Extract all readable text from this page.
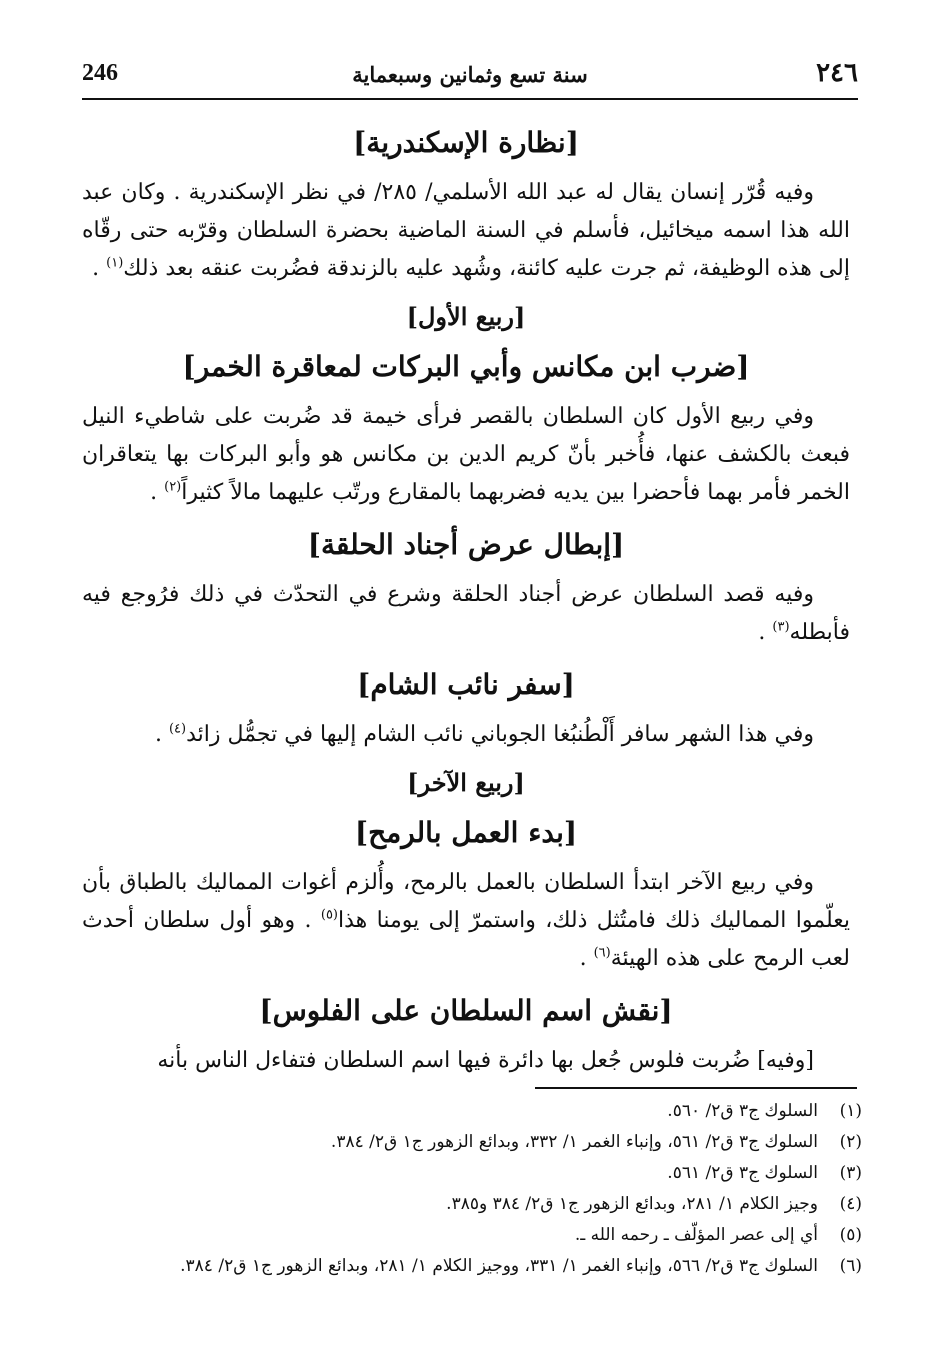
246	سنة تسع وثمانين وسبعماية	٢٤٦
[نظارة الإسكندرية]
وفيه قُرّر إنسان يقال له عبد الله الأسلمي/ ٢٨٥/ في نظر الإسكندرية . وكان عبد الله هذا اسمه ميخائيل، فأسلم في السنة الماضية بحضرة السلطان وقرّبه حتى رقّاه إلى هذه الوظيفة، ثم جرت عليه كائنة، وشُهد عليه بالزندقة فضُربت عنقه بعد ذلك$^{(١)}$ .
[ربيع الأول]
[ضرب ابن مكانس وأبي البركات لمعاقرة الخمر]
وفي ربيع الأول كان السلطان بالقصر فرأى خيمة قد ضُربت على شاطيء النيل فبعث بالكشف عنها، فأُخبر بأنّ كريم الدين بن مكانس هو وأبو البركات بها يتعاقران الخمر فأمر بهما فأحضرا بين يديه فضربهما بالمقارع ورتّب عليهما مالاً كثيراً$^{(٢)}$ .
[إبطال عرض أجناد الحلقة]
وفيه قصد السلطان عرض أجناد الحلقة وشرع في التحدّث في ذلك فرُوجع فيه فأبطله$^{(٣)}$ .
[سفر نائب الشام]
وفي هذا الشهر سافر أَلْطُنبُغا الجوباني نائب الشام إليها في تجمُّل زائد$^{(٤)}$ .
[ربيع الآخر]
[بدء العمل بالرمح]
وفي ربيع الآخر ابتدأ السلطان بالعمل بالرمح، وأُلزم أغوات المماليك بالطباق بأن يعلّموا المماليك ذلك فامتُثل ذلك، واستمرّ إلى يومنا هذا$^{(٥)}$ . وهو أول سلطان أحدث لعب الرمح على هذه الهيئة$^{(٦)}$ .
[نقش اسم السلطان على الفلوس]
[وفيه] ضُربت فلوس جُعل بها دائرة فيها اسم السلطان فتفاءل الناس بأنه
(١)
السلوك ج٣ ق٢/ ٥٦٠.
(٢)
السلوك ج٣ ق٢/ ٥٦١، وإنباء الغمر ١/ ٣٣٢، وبدائع الزهور ج١ ق٢/ ٣٨٤.
(٣)
السلوك ج٣ ق٢/ ٥٦١.
(٤)
وجيز الكلام ١/ ٢٨١، وبدائع الزهور ج١ ق٢/ ٣٨٤ و٣٨٥.
(٥)
أي إلى عصر المؤلّف ـ رحمه الله ـ.
(٦)
السلوك ج٣ ق٢/ ٥٦٦، وإنباء الغمر ١/ ٣٣١، ووجيز الكلام ١/ ٢٨١، وبدائع الزهور ج١ ق٢/ ٣٨٤.
